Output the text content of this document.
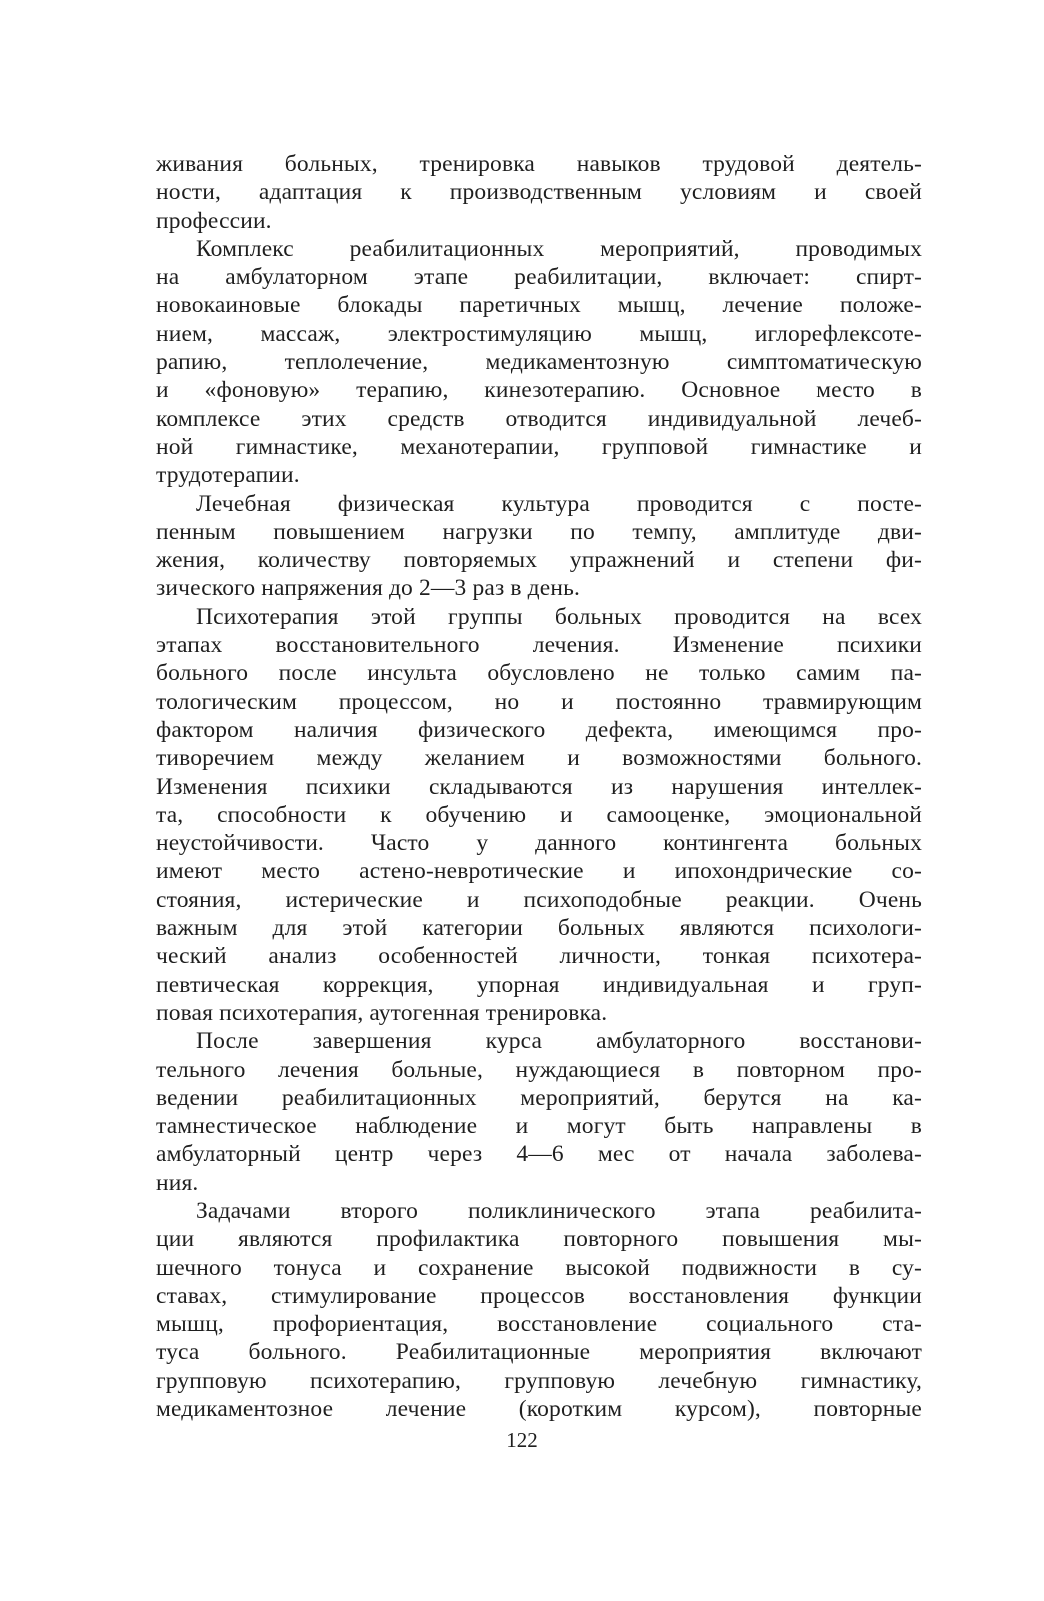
живания больных, тренировка навыков трудовой деятель-
ности, адаптация к производственным условиям и своей
профессии.
Комплекс реабилитационных мероприятий, проводимых
на амбулаторном этапе реабилитации, включает: спирт-
новокаиновые блокады паретичных мышц, лечение положе-
нием, массаж, электростимуляцию мышц, иглорефлексоте-
рапию, теплолечение, медикаментозную симптоматическую
и «фоновую» терапию, кинезотерапию. Основное место в
комплексе этих средств отводится индивидуальной лечеб-
ной гимнастике, механотерапии, групповой гимнастике и
трудотерапии.
Лечебная физическая культура проводится с посте-
пенным повышением нагрузки по темпу, амплитуде дви-
жения, количеству повторяемых упражнений и степени фи-
зического напряжения до 2—3 раз в день.
Психотерапия этой группы больных проводится на всех
этапах восстановительного лечения. Изменение психики
больного после инсульта обусловлено не только самим па-
тологическим процессом, но и постоянно травмирующим
фактором наличия физического дефекта, имеющимся про-
тиворечием между желанием и возможностями больного.
Изменения психики складываются из нарушения интеллек-
та, способности к обучению и самооценке, эмоциональной
неустойчивости. Часто у данного контингента больных
имеют место астено-невротические и ипохондрические со-
стояния, истерические и психоподобные реакции. Очень
важным для этой категории больных являются психологи-
ческий анализ особенностей личности, тонкая психотера-
певтическая коррекция, упорная индивидуальная и груп-
повая психотерапия, аутогенная тренировка.
После завершения курса амбулаторного восстанови-
тельного лечения больные, нуждающиеся в повторном про-
ведении реабилитационных мероприятий, берутся на ка-
тамнестическое наблюдение и могут быть направлены в
амбулаторный центр через 4—6 мес от начала заболева-
ния.
Задачами второго поликлинического этапа реабилита-
ции являются профилактика повторного повышения мы-
шечного тонуса и сохранение высокой подвижности в су-
ставах, стимулирование процессов восстановления функции
мышц, профориентация, восстановление социального ста-
туса больного. Реабилитационные мероприятия включают
групповую психотерапию, групповую лечебную гимнастику,
медикаментозное лечение (коротким курсом), повторные
122
